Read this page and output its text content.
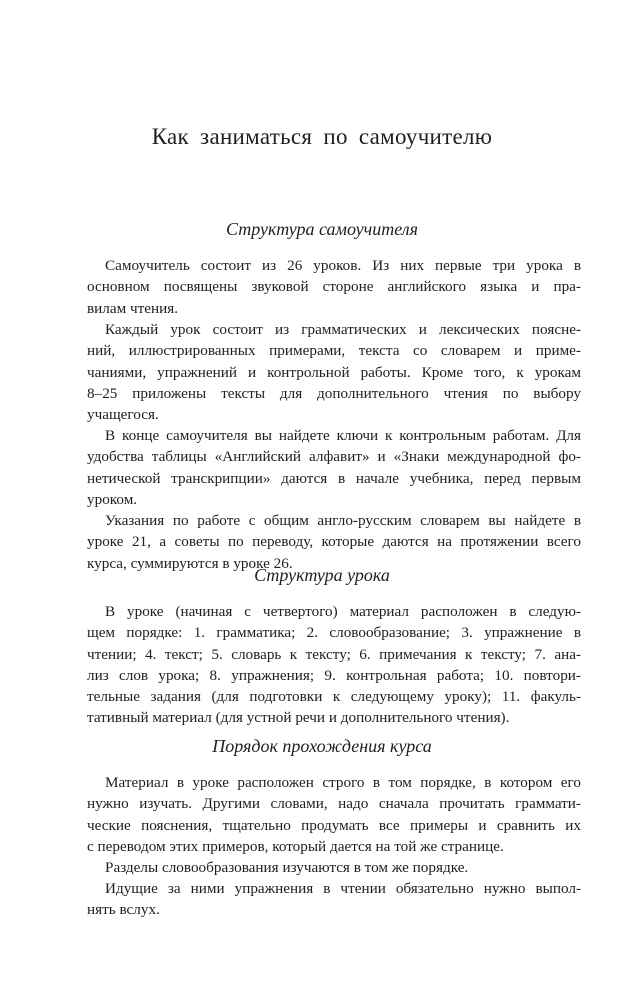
Как заниматься по самоучителю
Структура самоучителя

Самоучитель состоит из 26 уроков. Из них первые три урока в
основном посвящены звуковой стороне английского языка и пра-
вилам чтения.

Каждый урок состоит из грамматических и лексических поясне-
ний, иллюстрированных примерами, текста со словарем и приме-
чаниями, упражнений и контрольной работы. Кроме того, к урокам
8–25 приложены тексты для дополнительного чтения по выбору
учащегося.

В конце самоучителя вы найдете ключи к контрольным работам. Для
удобства таблицы «Английский алфавит» и «Знаки международной фо-
нетической транскрипции» даются в начале учебника, перед первым
уроком.

Указания по работе с общим англо-русским словарем вы найдете в
уроке 21, а советы по переводу, которые даются на протяжении всего
курса, суммируются в уроке 26.

Структура урока

В уроке (начиная с четвертого) материал расположен в следую-
щем порядке: 1. грамматика; 2. словообразование; 3. упражнение в
чтении; 4. текст; 5. словарь к тексту; 6. примечания к тексту; 7. ана-
лиз слов урока; 8. упражнения; 9. контрольная работа; 10. повтори-
тельные задания (для подготовки к следующему уроку); 11. факуль-
тативный материал (для устной речи и дополнительного чтения).

Порядок прохождения курса

Материал в уроке расположен строго в том порядке, в котором его
нужно изучать. Другими словами, надо сначала прочитать граммати-
ческие пояснения, тщательно продумать все примеры и сравнить их
с переводом этих примеров, который дается на той же странице.

Разделы словообразования изучаются в том же порядке.

Идущие за ними упражнения в чтении обязательно нужно выпол-
нять вслух.
